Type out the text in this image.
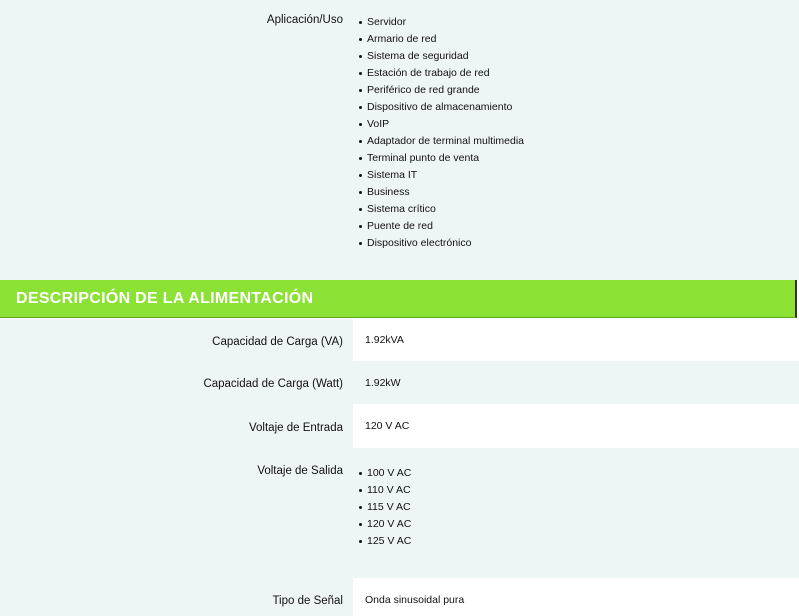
Aplicación/Uso	Servidor
Armario de red
Sistema de seguridad
Estación de trabajo de red
Periférico de red grande
Dispositivo de almacenamiento
VoIP
Adaptador de terminal multimedia
Terminal punto de venta
Sistema IT
Business
Sistema crítico
Puente de red
Dispositivo electrónico
DESCRIPCIÓN DE LA ALIMENTACIÓN
Capacidad de Carga (VA) 1.92kVA
Capacidad de Carga (Watt) 1.92kW
Voltaje de Entrada 120 V AC
Voltaje de Salida	100 V AC
110 V AC
115 V AC
120 V AC
125 V AC
Tipo de Señal Onda sinusoidal pura
